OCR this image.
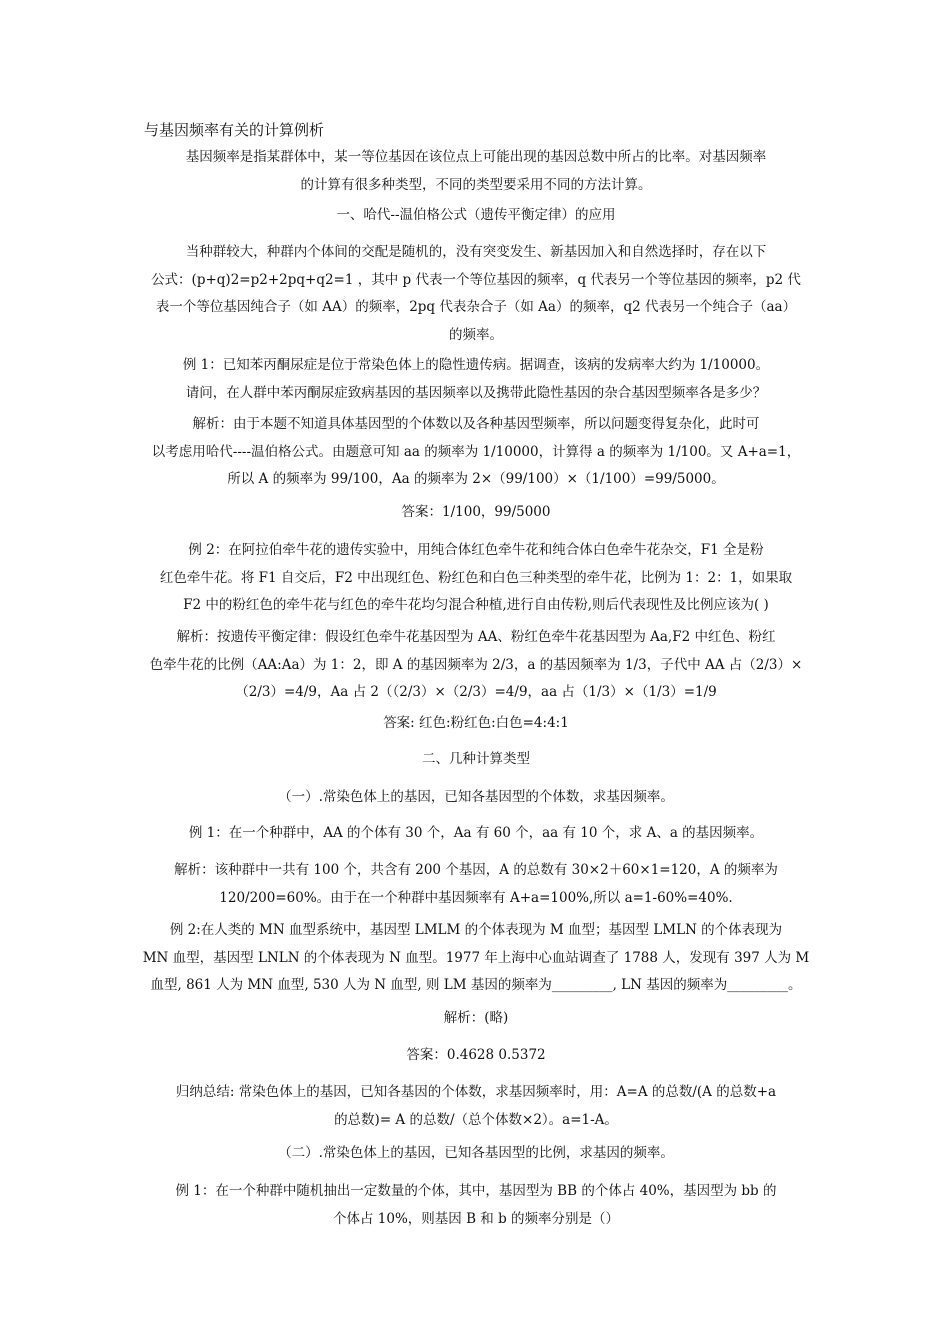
与基因频率有关的计算例析
基因频率是指某群体中，某一等位基因在该位点上可能出现的基因总数中所占的比率。对基因频率
的计算有很多种类型，不同的类型要采用不同的方法计算。
一、哈代--温伯格公式（遗传平衡定律）的应用
当种群较大，种群内个体间的交配是随机的，没有突变发生、新基因加入和自然选择时，存在以下
公式：(p+q)2=p2+2pq+q2=1 ，其中 p 代表一个等位基因的频率，q 代表另一个等位基因的频率，p2 代
表一个等位基因纯合子（如 AA）的频率，2pq 代表杂合子（如 Aa）的频率，q2 代表另一个纯合子（aa）
的频率。
例 1：已知苯丙酮尿症是位于常染色体上的隐性遗传病。据调查，该病的发病率大约为 1/10000。
请问，在人群中苯丙酮尿症致病基因的基因频率以及携带此隐性基因的杂合基因型频率各是多少？
解析：由于本题不知道具体基因型的个体数以及各种基因型频率，所以问题变得复杂化，此时可
以考虑用哈代----温伯格公式。由题意可知 aa 的频率为 1/10000，计算得 a 的频率为 1/100。又 A+a=1，
所以 A 的频率为 99/100，Aa 的频率为 2×（99/100）×（1/100）=99/5000。
答案：1/100，99/5000
例 2：在阿拉伯牵牛花的遗传实验中，用纯合体红色牵牛花和纯合体白色牵牛花杂交，F1 全是粉
红色牵牛花。将 F1 自交后，F2 中出现红色、粉红色和白色三种类型的牵牛花，比例为 1：2：1，如果取
F2 中的粉红色的牵牛花与红色的牵牛花均匀混合种植,进行自由传粉,则后代表现性及比例应该为( )
解析：按遗传平衡定律：假设红色牵牛花基因型为 AA、粉红色牵牛花基因型为 Aa,F2 中红色、粉红
色牵牛花的比例（AA:Aa）为 1：2，即 A 的基因频率为 2/3，a 的基因频率为 1/3，子代中 AA 占（2/3）×
（2/3）=4/9，Aa 占 2（（2/3）×（2/3）=4/9，aa 占（1/3）×（1/3）=1/9
答案: 红色:粉红色:白色=4:4:1
二、几种计算类型
（一）.常染色体上的基因，已知各基因型的个体数，求基因频率。
例 1：在一个种群中，AA 的个体有 30 个，Aa 有 60 个，aa 有 10 个，求 A、a 的基因频率。
解析：该种群中一共有 100 个，共含有 200 个基因，A 的总数有 30×2＋60×1=120，A 的频率为
120/200=60%。由于在一个种群中基因频率有 A+a=100%,所以 a=1-60%=40%.
例 2:在人类的 MN 血型系统中，基因型 LMLM 的个体表现为 M 血型；基因型 LMLN 的个体表现为
MN 血型，基因型 LNLN 的个体表现为 N 血型。1977 年上海中心血站调查了 1788 人，发现有 397 人为 M
血型, 861 人为 MN 血型, 530 人为 N 血型, 则 LM 基因的频率为_________, LN 基因的频率为_________。
解析：(略)
答案：0.4628 0.5372
归纳总结: 常染色体上的基因，已知各基因的个体数，求基因频率时，用：A=A 的总数/(A 的总数+a
的总数)= A 的总数/（总个体数×2）。a=1-A。
（二）.常染色体上的基因，已知各基因型的比例，求基因的频率。
例 1：在一个种群中随机抽出一定数量的个体，其中，基因型为 BB 的个体占 40%，基因型为 bb 的
个体占 10%，则基因 B 和 b 的频率分别是（）
